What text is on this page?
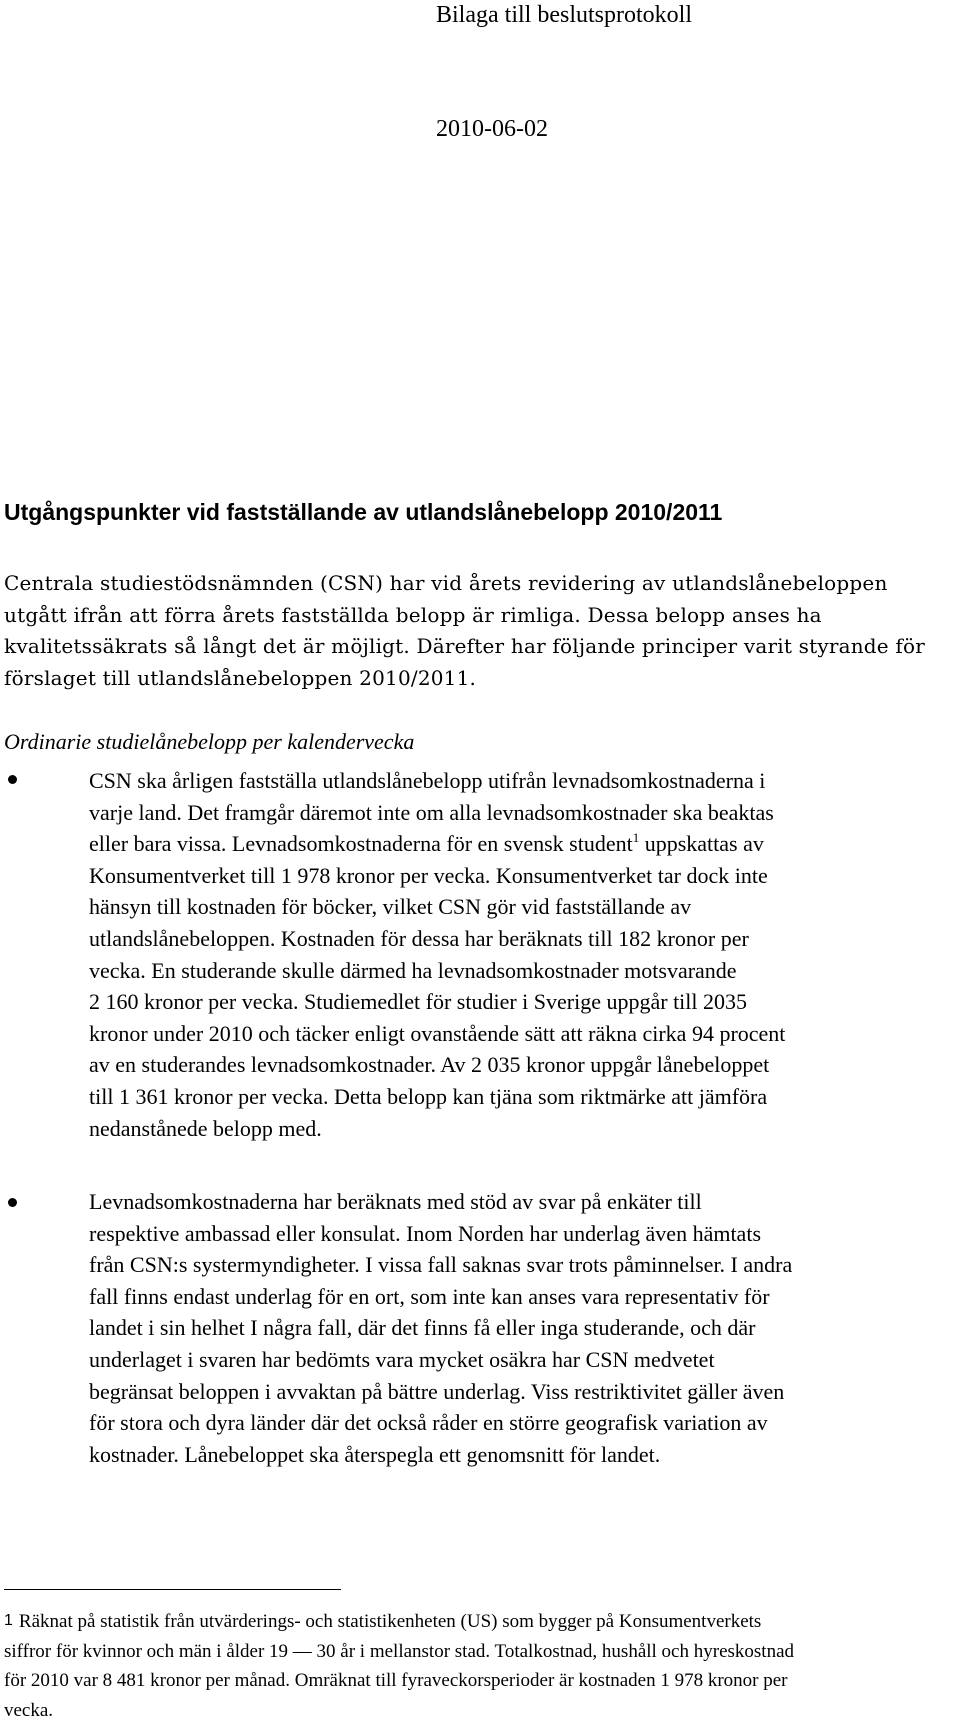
Bilaga till beslutsprotokoll
2010-06-02
Utgångspunkter vid fastställande av utlandslånebelopp 2010/2011
Centrala studiestödsnämnden (CSN) har vid årets revidering av utlandslånebeloppen
utgått ifrån att förra årets fastställda belopp är rimliga. Dessa belopp anses ha
kvalitetssäkrats så långt det är möjligt. Därefter har följande principer varit styrande för
förslaget till utlandslånebeloppen 2010/2011.
Ordinarie studielånebelopp per kalendervecka
CSN ska årligen fastställa utlandslånebelopp utifrån levnadsomkostnaderna i
varje land. Det framgår däremot inte om alla levnadsomkostnader ska beaktas
eller bara vissa. Levnadsomkostnaderna för en svensk student$^1$ uppskattas av
Konsumentverket till 1 978 kronor per vecka. Konsumentverket tar dock inte
hänsyn till kostnaden för böcker, vilket CSN gör vid fastställande av
utlandslånebeloppen. Kostnaden för dessa har beräknats till 182 kronor per
vecka. En studerande skulle därmed ha levnadsomkostnader motsvarande
2 160 kronor per vecka. Studiemedlet för studier i Sverige uppgår till 2035
kronor under 2010 och täcker enligt ovanstående sätt att räkna cirka 94 procent
av en studerandes levnadsomkostnader. Av 2 035 kronor uppgår lånebeloppet
till 1 361 kronor per vecka. Detta belopp kan tjäna som riktmärke att jämföra
nedanstånede belopp med.
Levnadsomkostnaderna har beräknats med stöd av svar på enkäter till
respektive ambassad eller konsulat. Inom Norden har underlag även hämtats
från CSN:s systermyndigheter. I vissa fall saknas svar trots påminnelser. I andra
fall finns endast underlag för en ort, som inte kan anses vara representativ för
landet i sin helhet I några fall, där det finns få eller inga studerande, och där
underlaget i svaren har bedömts vara mycket osäkra har CSN medvetet
begränsat beloppen i avvaktan på bättre underlag. Viss restriktivitet gäller även
för stora och dyra länder där det också råder en större geografisk variation av
kostnader. Lånebeloppet ska återspegla ett genomsnitt för landet.
1 Räknat på statistik från utvärderings- och statistikenheten (US) som bygger på Konsumentverkets
siffror för kvinnor och män i ålder 19 — 30 år i mellanstor stad. Totalkostnad, hushåll och hyreskostnad
för 2010 var 8 481 kronor per månad. Omräknat till fyraveckorsperioder är kostnaden 1 978 kronor per
vecka.
